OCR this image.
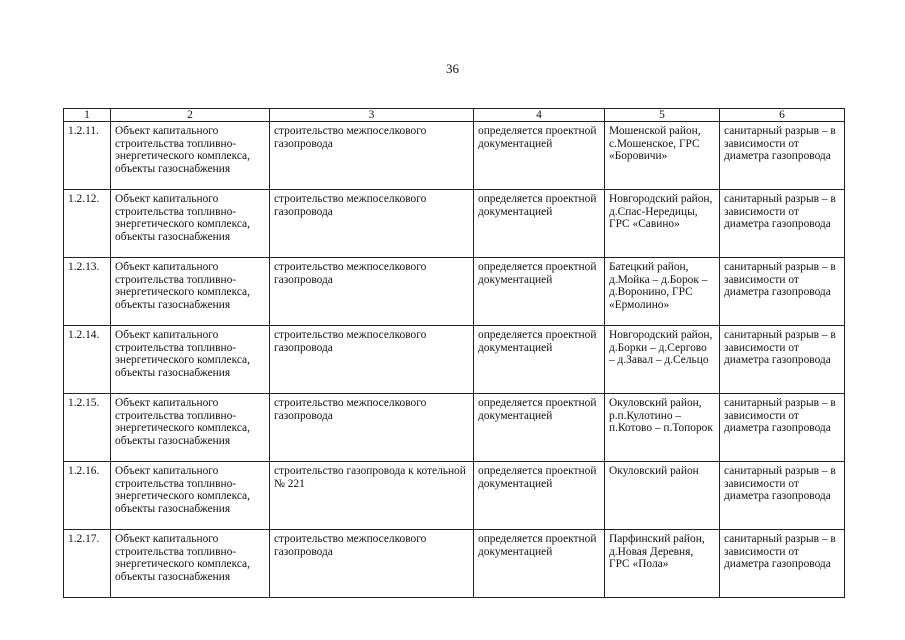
36
1	2	3	4	5	6
1.2.11.	Объект капитального строительства топливно-энергетического комплекса, объекты газоснабжения	строительство межпоселкового газопровода	определяется проектной документацией	Мошенской район, с.Мошенское, ГРС «Боровичи»	санитарный разрыв – в зависимости от диаметра газопровода
1.2.12.	Объект капитального строительства топливно-энергетического комплекса, объекты газоснабжения	строительство межпоселкового газопровода	определяется проектной документацией	Новгородский район, д.Спас-Нередицы, ГРС «Савино»	санитарный разрыв – в зависимости от диаметра газопровода
1.2.13.	Объект капитального строительства топливно-энергетического комплекса, объекты газоснабжения	строительство межпоселкового газопровода	определяется проектной документацией	Батецкий район, д.Мойка – д.Борок – д.Воронино, ГРС «Ермолино»	санитарный разрыв – в зависимости от диаметра газопровода
1.2.14.	Объект капитального строительства топливно-энергетического комплекса, объекты газоснабжения	строительство межпоселкового газопровода	определяется проектной документацией	Новгородский район, д.Борки – д.Сергово – д.Завал – д.Сельцо	санитарный разрыв – в зависимости от диаметра газопровода
1.2.15.	Объект капитального строительства топливно-энергетического комплекса, объекты газоснабжения	строительство межпоселкового газопровода	определяется проектной документацией	Окуловский район, р.п.Кулотино – п.Котово – п.Топорок	санитарный разрыв – в зависимости от диаметра газопровода
1.2.16.	Объект капитального строительства топливно-энергетического комплекса, объекты газоснабжения	строительство газопровода к котельной № 221	определяется проектной документацией	Окуловский район	санитарный разрыв – в зависимости от диаметра газопровода
1.2.17.	Объект капитального строительства топливно-энергетического комплекса, объекты газоснабжения	строительство межпоселкового газопровода	определяется проектной документацией	Парфинский район, д.Новая Деревня, ГРС «Пола»	санитарный разрыв – в зависимости от диаметра газопровода
